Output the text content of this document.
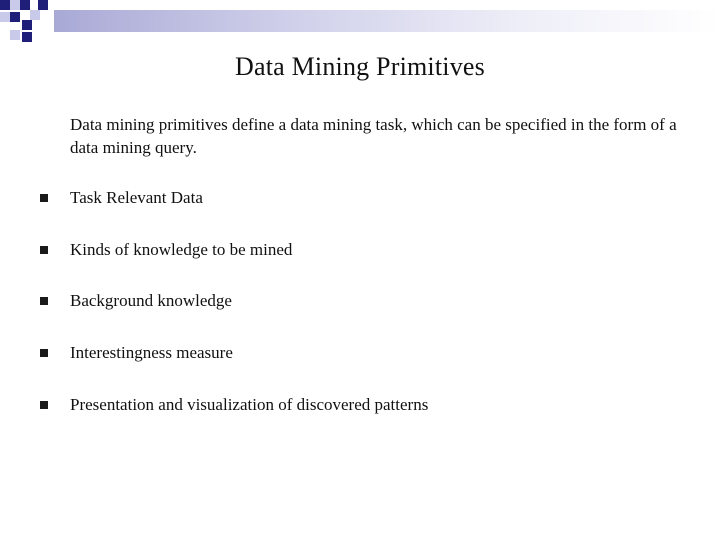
Data Mining Primitives
Data mining primitives define a data mining task, which can be specified in the form of a data mining query.
Task Relevant Data
Kinds of knowledge to be mined
Background knowledge
Interestingness measure
Presentation and visualization of discovered patterns
